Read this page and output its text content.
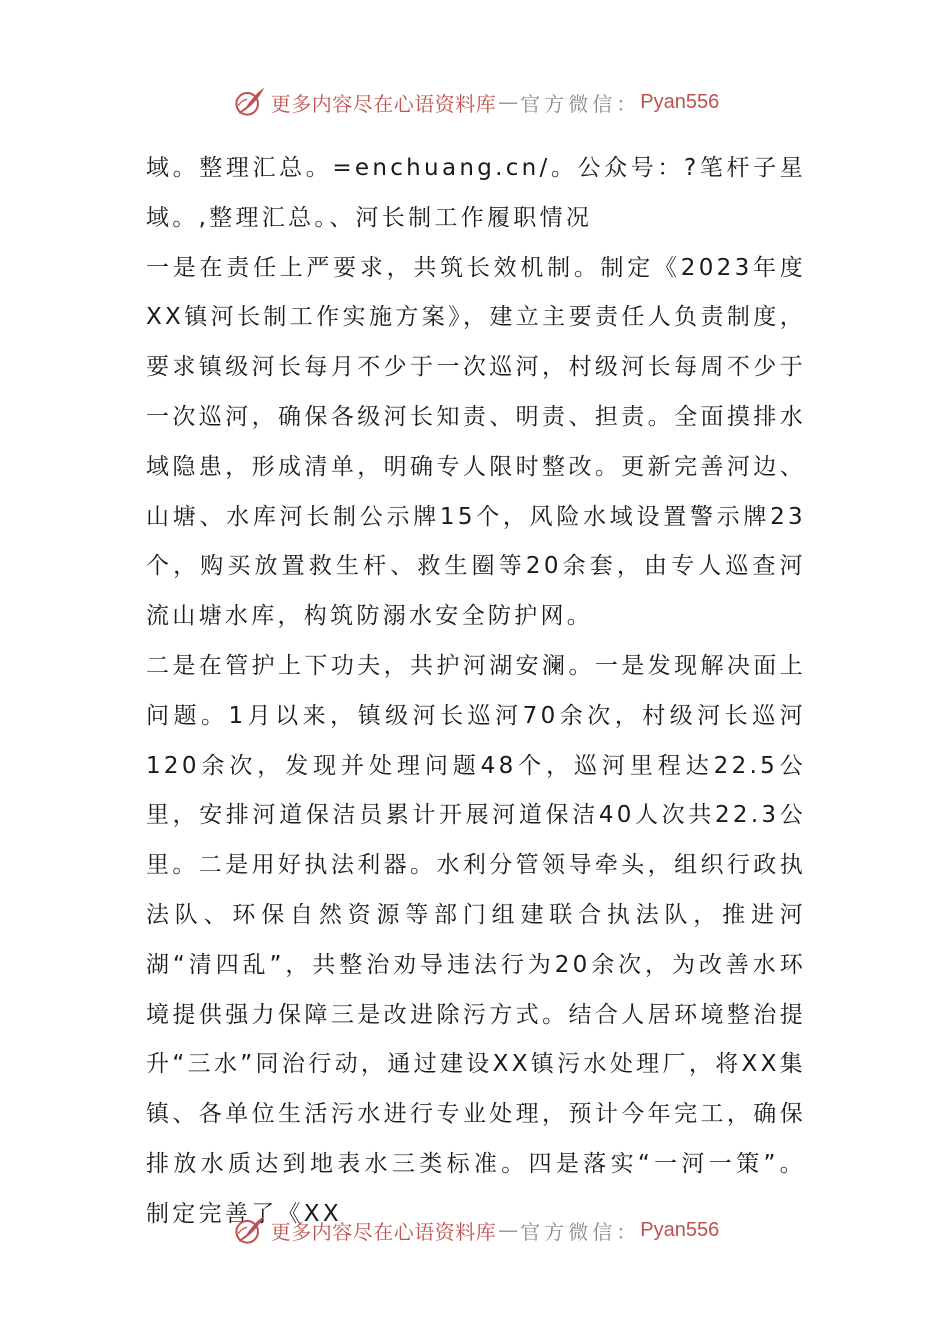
更多内容尽在心语资料库 — 官方微信： Pyan556

域。整理汇总。=enchuang.cn/。公众号：?笔杆子星域。,整理汇总。、河长制工作履职情况

一是在责任上严要求，共筑长效机制。制定《2023年度XX镇河长制工作实施方案》，建立主要责任人负责制度，要求镇级河长每月不少于一次巡河，村级河长每周不少于一次巡河，确保各级河长知责、明责、担责。全面摸排水域隐患，形成清单，明确专人限时整改。更新完善河边、山塘、水库河长制公示牌15个，风险水域设置警示牌23个，购买放置救生杆、救生圈等20余套，由专人巡查河流山塘水库，构筑防溺水安全防护网。

二是在管护上下功夫，共护河湖安澜。一是发现解决面上问题。1月以来，镇级河长巡河70余次，村级河长巡河120余次，发现并处理问题48个，巡河里程达22.5公里，安排河道保洁员累计开展河道保洁40人次共22.3公里。二是用好执法利器。水利分管领导牵头，组织行政执法队、环保自然资源等部门组建联合执法队，推进河湖“清四乱”，共整治劝导违法行为20余次，为改善水环境提供强力保障三是改进除污方式。结合人居环境整治提升“三水”同治行动，通过建设XX镇污水处理厂，将XX集镇、各单位生活污水进行专业处理，预计今年完工，确保排放水质达到地表水三类标准。四是落实“一河一策”。制定完善了《XX

更多内容尽在心语资料库 — 官方微信： Pyan556
